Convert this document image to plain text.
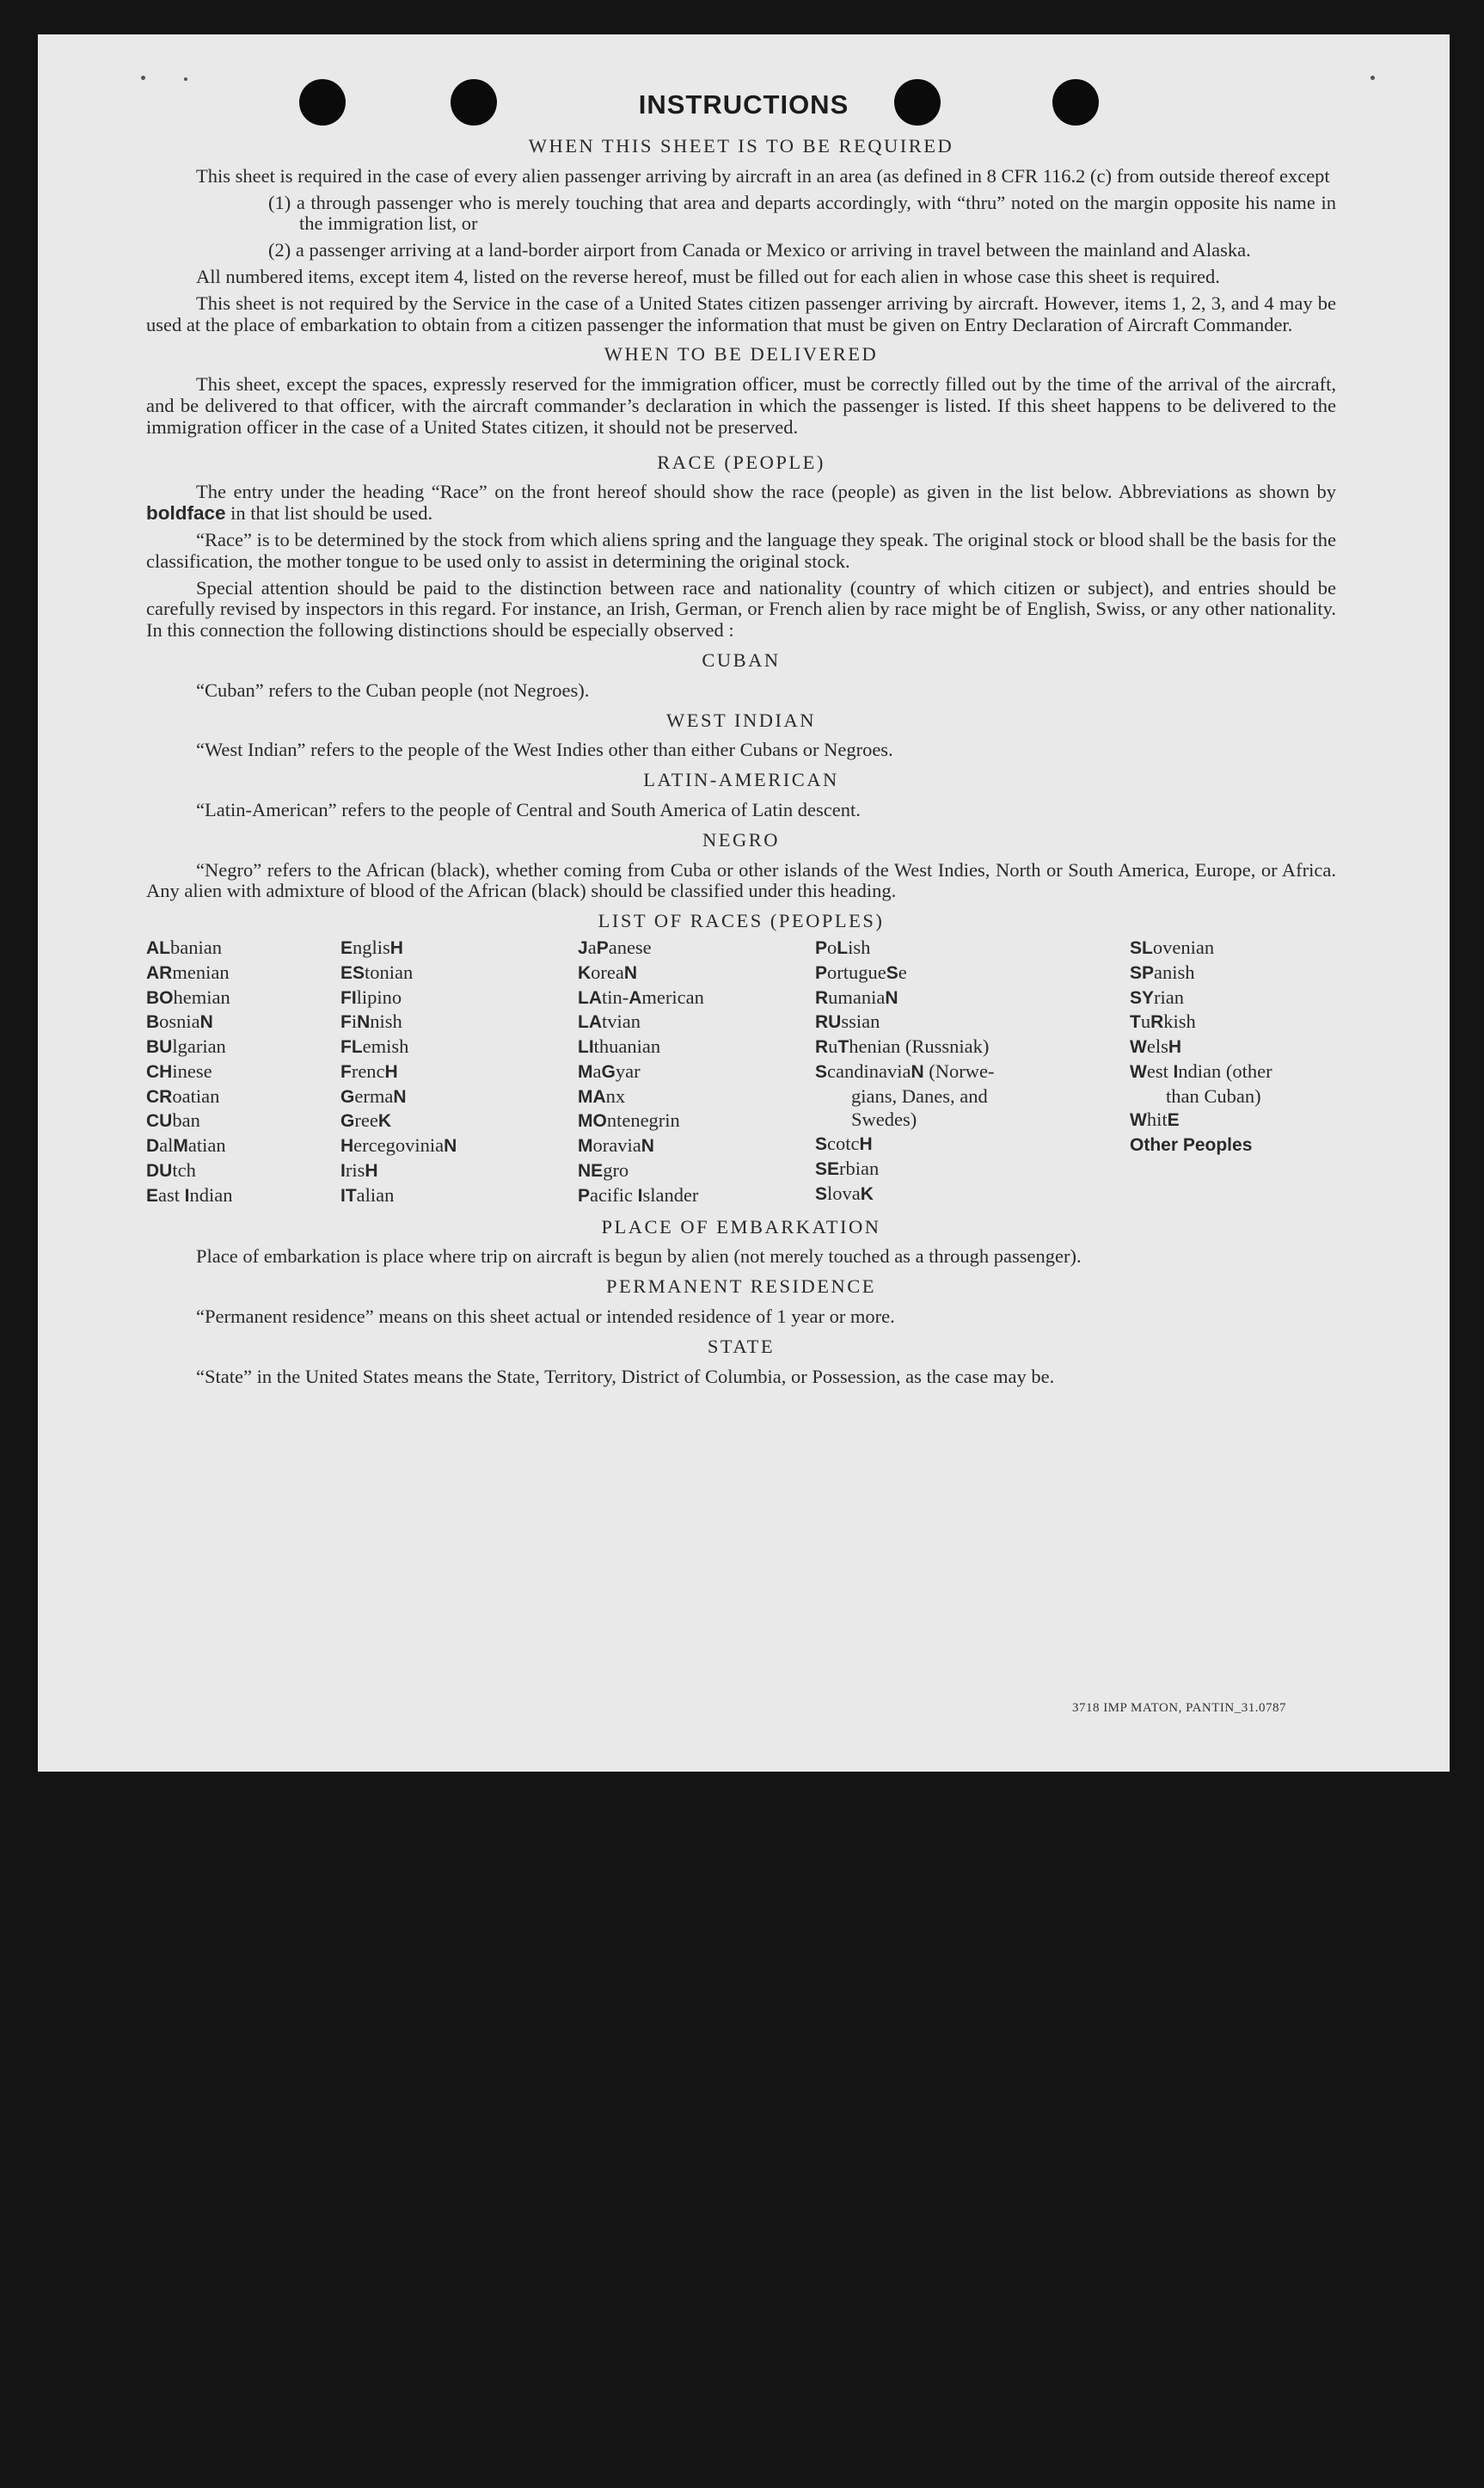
INSTRUCTIONS

WHEN THIS SHEET IS TO BE REQUIRED

This sheet is required in the case of every alien passenger arriving by aircraft in an area (as defined in 8 CFR 116.2 (c) from outside thereof except

(1) a through passenger who is merely touching that area and departs accordingly, with “thru” noted on the margin opposite his name in the immigration list, or

(2) a passenger arriving at a land-border airport from Canada or Mexico or arriving in travel between the mainland and Alaska.

All numbered items, except item 4, listed on the reverse hereof, must be filled out for each alien in whose case this sheet is required.

This sheet is not required by the Service in the case of a United States citizen passenger arriving by aircraft. However, items 1, 2, 3, and 4 may be used at the place of embarkation to obtain from a citizen passenger the information that must be given on Entry Declaration of Aircraft Commander.

WHEN TO BE DELIVERED

This sheet, except the spaces, expressly reserved for the immigration officer, must be correctly filled out by the time of the arrival of the aircraft, and be delivered to that officer, with the aircraft commander’s declaration in which the passenger is listed. If this sheet happens to be delivered to the immigration officer in the case of a United States citizen, it should not be preserved.

RACE (PEOPLE)

The entry under the heading “Race” on the front hereof should show the race (people) as given in the list below. Abbreviations as shown by boldface in that list should be used.

“Race” is to be determined by the stock from which aliens spring and the language they speak. The original stock or blood shall be the basis for the classification, the mother tongue to be used only to assist in determining the original stock.

Special attention should be paid to the distinction between race and nationality (country of which citizen or subject), and entries should be carefully revised by inspectors in this regard. For instance, an Irish, German, or French alien by race might be of English, Swiss, or any other nationality. In this connection the following distinctions should be especially observed :

CUBAN

“Cuban” refers to the Cuban people (not Negroes).

WEST INDIAN

“West Indian” refers to the people of the West Indies other than either Cubans or Negroes.

LATIN-AMERICAN

“Latin-American” refers to the people of Central and South America of Latin descent.

NEGRO

“Negro” refers to the African (black), whether coming from Cuba or other islands of the West Indies, North or South America, Europe, or Africa. Any alien with admixture of blood of the African (black) should be classified under this heading.

LIST OF RACES (PEOPLES)

ALbanian
ARmenian
BOhemian
BosniaN
BUlgarian
CHinese
CRoatian
CUban
DalMatian
DUtch
East Indian
EnglisH
EStonian
FIlipino
FiNnish
FLemish
FrencH
GermaN
GreeK
HercegoviniaN
IrisH
ITalian
JaPanese
KoreaN
LAtin-American
LAtvian
LIthuanian
MaGyar
MAnx
MOntenegrin
MoraviaN
NEgro
Pacific Islander
PoLish
PortugueSe
RumaniaN
RUssian
RuThenian (Russniak)
ScandinaviaN (Norwe-
gians, Danes, and
Swedes)
ScotcH
SErbian
SlovaK
SLovenian
SPanish
SYrian
TuRkish
WelsH
West Indian (other
than Cuban)
WhitE
Other Peoples

PLACE OF EMBARKATION

Place of embarkation is place where trip on aircraft is begun by alien (not merely touched as a through passenger).

PERMANENT RESIDENCE

“Permanent residence” means on this sheet actual or intended residence of 1 year or more.

STATE

“State” in the United States means the State, Territory, District of Columbia, or Possession, as the case may be.

3718 IMP MATON, PANTIN_31.0787
